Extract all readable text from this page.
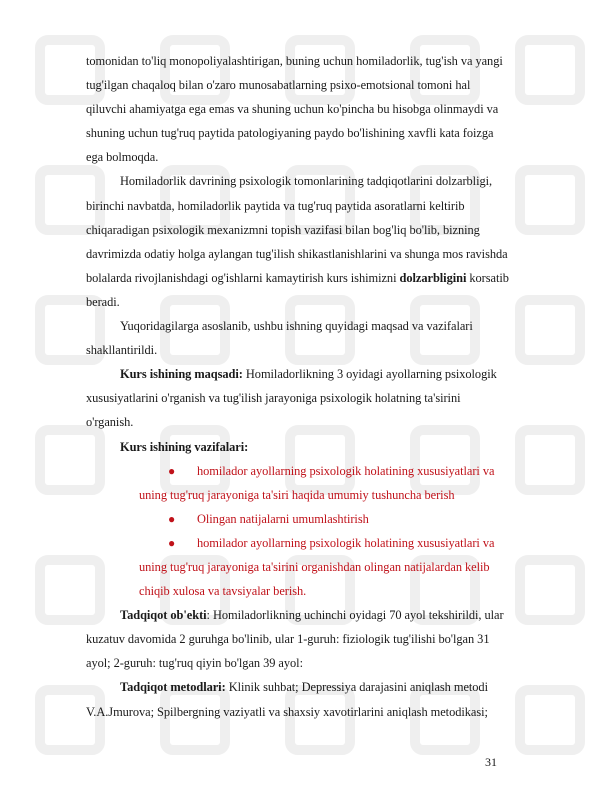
tomonidan to'liq monopoliyalashtirigan, buning uchun homiladorlik, tug'ish va yangi
tug'ilgan chaqaloq bilan o'zaro munosabatlarning psixo-emotsional tomoni hal
qiluvchi ahamiyatga ega emas va shuning uchun ko'pincha bu hisobga olinmaydi va
shuning uchun tug'ruq paytida patologiyaning paydo bo'lishining xavfli kata foizga
ega bolmoqda.
Homiladorlik davrining psixologik tomonlarining tadqiqotlarini dolzarbligi,
birinchi navbatda, homiladorlik paytida va tug'ruq paytida asoratlarni keltirib
chiqaradigan psixologik mexanizmni topish vazifasi bilan bog'liq bo'lib, bizning
davrimizda odatiy holga aylangan tug'ilish shikastlanishlarini va shunga mos ravishda
bolalarda rivojlanishdagi og'ishlarni kamaytirish kurs ishimizni dolzarbligini korsatib
beradi.
Yuqoridagilarga asoslanib, ushbu ishning quyidagi maqsad va vazifalari
shakllantirildi.
Kurs ishining maqsadi: Homiladorlikning 3 oyidagi ayollarning psixologik
xususiyatlarini o'rganish va tug'ilish jarayoniga psixologik holatning ta'sirini
o'rganish.
Kurs ishining vazifalari:
● homilador ayollarning psixologik holatining xususiyatlari va
uning tug'ruq jarayoniga ta'siri haqida umumiy tushuncha berish
● Olingan natijalarni umumlashtirish
● homilador ayollarning psixologik holatining xususiyatlari va
uning tug'ruq jarayoniga ta'sirini organishdan olingan natijalardan kelib
chiqib xulosa va tavsiyalar berish.
Tadqiqot ob'ekti: Homiladorlikning uchinchi oyidagi 70 ayol tekshirildi, ular
kuzatuv davomida 2 guruhga bo'linib, ular 1-guruh: fiziologik tug'ilishi bo'lgan 31
ayol; 2-guruh: tug'ruq qiyin bo'lgan 39 ayol:
Tadqiqot metodlari: Klinik suhbat; Depressiya darajasini aniqlash metodi
V.A.Jmurova; Spilbergning vaziyatli va shaxsiy xavotirlarini aniqlash metodikasi;
31
